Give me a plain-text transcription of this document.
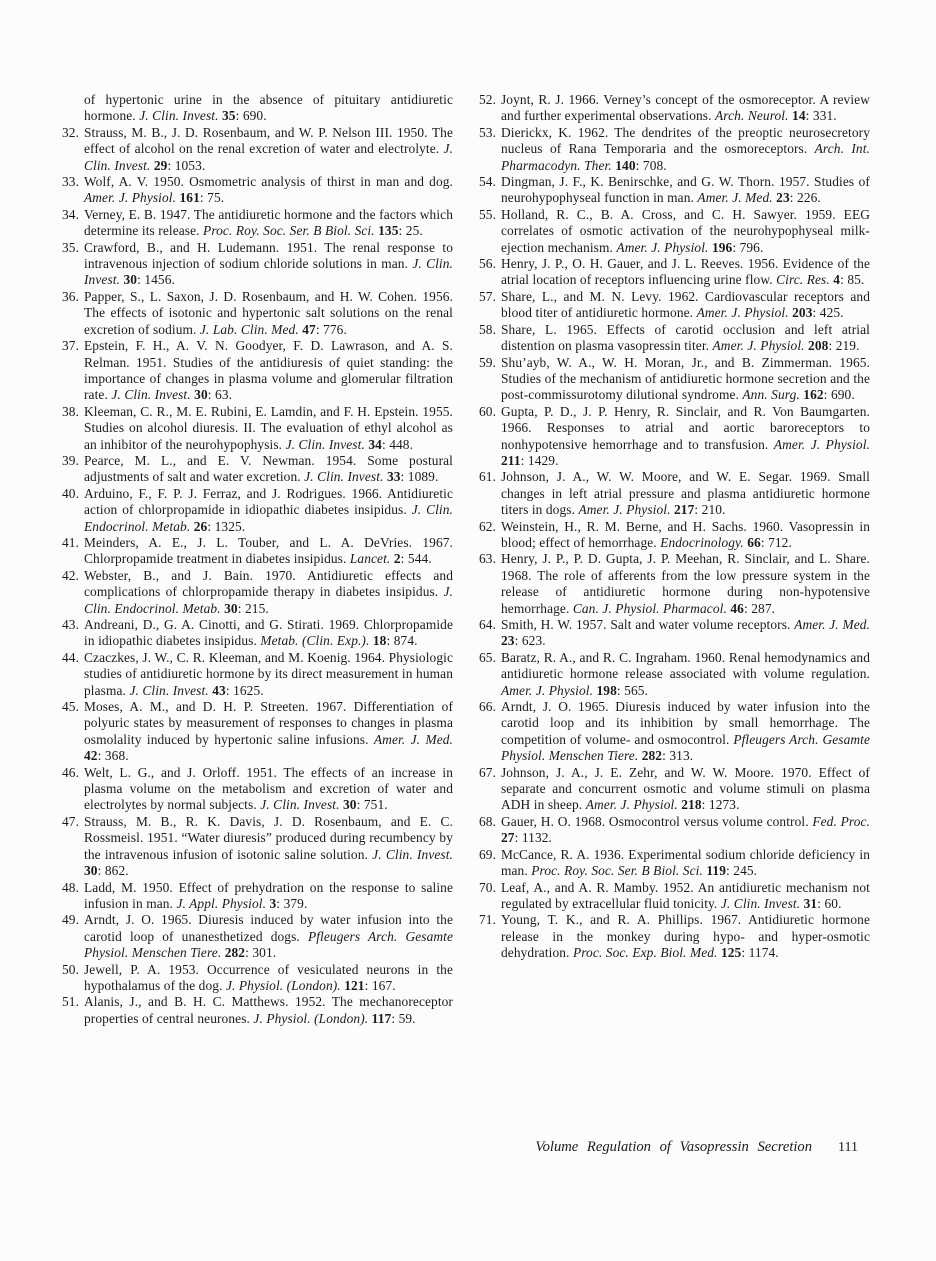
of hypertonic urine in the absence of pituitary antidiuretic hormone. J. Clin. Invest. 35: 690.

32. Strauss, M. B., J. D. Rosenbaum, and W. P. Nelson III. 1950. The effect of alcohol on the renal excretion of water and electrolyte. J. Clin. Invest. 29: 1053.

33. Wolf, A. V. 1950. Osmometric analysis of thirst in man and dog. Amer. J. Physiol. 161: 75.

34. Verney, E. B. 1947. The antidiuretic hormone and the factors which determine its release. Proc. Roy. Soc. Ser. B Biol. Sci. 135: 25.

35. Crawford, B., and H. Ludemann. 1951. The renal response to intravenous injection of sodium chloride solutions in man. J. Clin. Invest. 30: 1456.

36. Papper, S., L. Saxon, J. D. Rosenbaum, and H. W. Cohen. 1956. The effects of isotonic and hypertonic salt solutions on the renal excretion of sodium. J. Lab. Clin. Med. 47: 776.

37. Epstein, F. H., A. V. N. Goodyer, F. D. Lawrason, and A. S. Relman. 1951. Studies of the antidiuresis of quiet standing: the importance of changes in plasma volume and glomerular filtration rate. J. Clin. Invest. 30: 63.

38. Kleeman, C. R., M. E. Rubini, E. Lamdin, and F. H. Epstein. 1955. Studies on alcohol diuresis. II. The evaluation of ethyl alcohol as an inhibitor of the neurohypophysis. J. Clin. Invest. 34: 448.

39. Pearce, M. L., and E. V. Newman. 1954. Some postural adjustments of salt and water excretion. J. Clin. Invest. 33: 1089.

40. Arduino, F., F. P. J. Ferraz, and J. Rodrigues. 1966. Antidiuretic action of chlorpropamide in idiopathic diabetes insipidus. J. Clin. Endocrinol. Metab. 26: 1325.

41. Meinders, A. E., J. L. Touber, and L. A. DeVries. 1967. Chlorpropamide treatment in diabetes insipidus. Lancet. 2: 544.

42. Webster, B., and J. Bain. 1970. Antidiuretic effects and complications of chlorpropamide therapy in diabetes insipidus. J. Clin. Endocrinol. Metab. 30: 215.

43. Andreani, D., G. A. Cinotti, and G. Stirati. 1969. Chlorpropamide in idiopathic diabetes insipidus. Metab. (Clin. Exp.). 18: 874.

44. Czaczkes, J. W., C. R. Kleeman, and M. Koenig. 1964. Physiologic studies of antidiuretic hormone by its direct measurement in human plasma. J. Clin. Invest. 43: 1625.

45. Moses, A. M., and D. H. P. Streeten. 1967. Differentiation of polyuric states by measurement of responses to changes in plasma osmolality induced by hypertonic saline infusions. Amer. J. Med. 42: 368.

46. Welt, L. G., and J. Orloff. 1951. The effects of an increase in plasma volume on the metabolism and excretion of water and electrolytes by normal subjects. J. Clin. Invest. 30: 751.

47. Strauss, M. B., R. K. Davis, J. D. Rosenbaum, and E. C. Rossmeisl. 1951. “Water diuresis” produced during recumbency by the intravenous infusion of isotonic saline solution. J. Clin. Invest. 30: 862.

48. Ladd, M. 1950. Effect of prehydration on the response to saline infusion in man. J. Appl. Physiol. 3: 379.

49. Arndt, J. O. 1965. Diuresis induced by water infusion into the carotid loop of unanesthetized dogs. Pfleugers Arch. Gesamte Physiol. Menschen Tiere. 282: 301.

50. Jewell, P. A. 1953. Occurrence of vesiculated neurons in the hypothalamus of the dog. J. Physiol. (London). 121: 167.

51. Alanis, J., and B. H. C. Matthews. 1952. The mechanoreceptor properties of central neurones. J. Physiol. (London). 117: 59.

52. Joynt, R. J. 1966. Verney’s concept of the osmoreceptor. A review and further experimental observations. Arch. Neurol. 14: 331.

53. Dierickx, K. 1962. The dendrites of the preoptic neurosecretory nucleus of Rana Temporaria and the osmoreceptors. Arch. Int. Pharmacodyn. Ther. 140: 708.

54. Dingman, J. F., K. Benirschke, and G. W. Thorn. 1957. Studies of neurohypophyseal function in man. Amer. J. Med. 23: 226.

55. Holland, R. C., B. A. Cross, and C. H. Sawyer. 1959. EEG correlates of osmotic activation of the neurohypophyseal milk-ejection mechanism. Amer. J. Physiol. 196: 796.

56. Henry, J. P., O. H. Gauer, and J. L. Reeves. 1956. Evidence of the atrial location of receptors influencing urine flow. Circ. Res. 4: 85.

57. Share, L., and M. N. Levy. 1962. Cardiovascular receptors and blood titer of antidiuretic hormone. Amer. J. Physiol. 203: 425.

58. Share, L. 1965. Effects of carotid occlusion and left atrial distention on plasma vasopressin titer. Amer. J. Physiol. 208: 219.

59. Shu’ayb, W. A., W. H. Moran, Jr., and B. Zimmerman. 1965. Studies of the mechanism of antidiuretic hormone secretion and the post-commissurotomy dilutional syndrome. Ann. Surg. 162: 690.

60. Gupta, P. D., J. P. Henry, R. Sinclair, and R. Von Baumgarten. 1966. Responses to atrial and aortic baroreceptors to nonhypotensive hemorrhage and to transfusion. Amer. J. Physiol. 211: 1429.

61. Johnson, J. A., W. W. Moore, and W. E. Segar. 1969. Small changes in left atrial pressure and plasma antidiuretic hormone titers in dogs. Amer. J. Physiol. 217: 210.

62. Weinstein, H., R. M. Berne, and H. Sachs. 1960. Vasopressin in blood; effect of hemorrhage. Endocrinology. 66: 712.

63. Henry, J. P., P. D. Gupta, J. P. Meehan, R. Sinclair, and L. Share. 1968. The role of afferents from the low pressure system in the release of antidiuretic hormone during non-hypotensive hemorrhage. Can. J. Physiol. Pharmacol. 46: 287.

64. Smith, H. W. 1957. Salt and water volume receptors. Amer. J. Med. 23: 623.

65. Baratz, R. A., and R. C. Ingraham. 1960. Renal hemodynamics and antidiuretic hormone release associated with volume regulation. Amer. J. Physiol. 198: 565.

66. Arndt, J. O. 1965. Diuresis induced by water infusion into the carotid loop and its inhibition by small hemorrhage. The competition of volume- and osmocontrol. Pfleugers Arch. Gesamte Physiol. Menschen Tiere. 282: 313.

67. Johnson, J. A., J. E. Zehr, and W. W. Moore. 1970. Effect of separate and concurrent osmotic and volume stimuli on plasma ADH in sheep. Amer. J. Physiol. 218: 1273.

68. Gauer, H. O. 1968. Osmocontrol versus volume control. Fed. Proc. 27: 1132.

69. McCance, R. A. 1936. Experimental sodium chloride deficiency in man. Proc. Roy. Soc. Ser. B Biol. Sci. 119: 245.

70. Leaf, A., and A. R. Mamby. 1952. An antidiuretic mechanism not regulated by extracellular fluid tonicity. J. Clin. Invest. 31: 60.

71. Young, T. K., and R. A. Phillips. 1967. Antidiuretic hormone release in the monkey during hypo- and hyper-osmotic dehydration. Proc. Soc. Exp. Biol. Med. 125: 1174.

Volume Regulation of Vasopressin Secretion 111
